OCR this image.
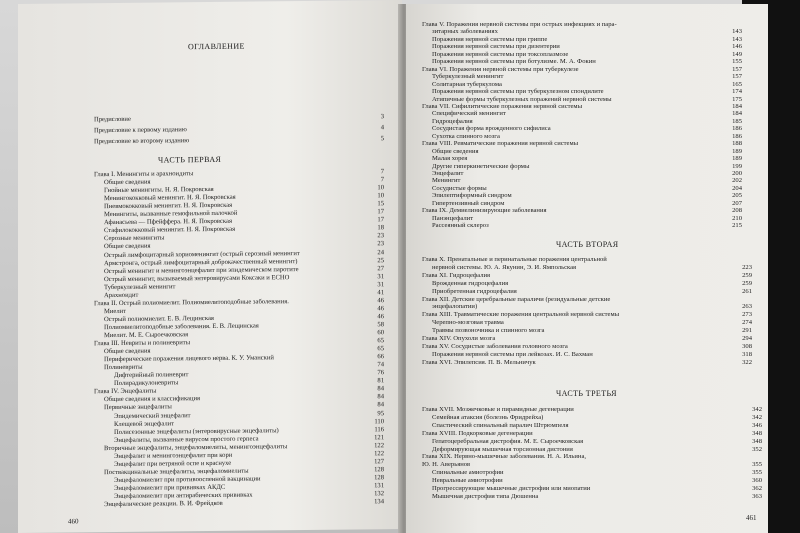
ОГЛАВЛЕНИЕ
Предисловие	3
Предисловие к первому изданию	4
Предисловие ко второму изданию	5
ЧАСТЬ ПЕРВАЯ
Глава I. Менингиты и арахноидиты	7
Общие сведения	7
Гнойные менингиты. Н. Я. Покровская	10
Менингококковый менингит. Н. Я. Покровская	10
Пневмококковый менингит. Н. Я. Покровская	15
Менингиты, вызванные гемофильной палочкой	17
Афанасьева — Пфейффера. Н. Я. Покровская	17
Стафилококковый менингит. Н. Я. Покровская	18
Серозные менингиты	23
Общие сведения	23
Острый лимфоцитарный хориоменингит (острый серозный менингит	24
Армстронга, острый лимфоцитарный доброкачественный менингит)	25
Острый менингит и менингоэнцефалит при эпидемическом паротите	27
Острый менингит, вызываемый энтеровирусами Коксаки и ЕСНО	31
Туберкулезный менингит	31
Арахноидит	41
Глава II. Острый полиомиелит. Полиомиелитоподобные заболевания.	46
Миелит	46
Острый полиомиелит. Е. В. Лещинская	46
Полиомиелитоподобные заболевания. Е. В. Лещинская	58
Миелит. М. Е. Сыроечковская	60
Глава III. Невриты и полиневриты	65
Общие сведения	65
Периферические поражения лицевого нерва. К. У. Уманский	66
Полиневриты	74
Дифтерийный полиневрит	76
Полирадикулоневриты	81
Глава IV. Энцефалиты	84
Общие сведения и классификация	84
Первичные энцефалиты	84
Эпидемический энцефалит	95
Клещевой энцефалит	110
Полисезонные энцефалиты (энтеровирусные энцефалиты)	116
Энцефалиты, вызванные вирусом простого герпеса	121
Вторичные энцефалиты, энцефаломиелиты, менингоэнцефалиты	122
Энцефалит и менингоэнцефалит при кори	122
Энцефалит при ветряной оспе и краснухе	127
Поствакцинальные энцефалиты, энцефаломиелиты	128
Энцефаломиелит при противооспенной вакцинации	128
Энцефаломиелит при прививках АКДС	131
Энцефаломиелит при антирабических прививках	132
Энцефалические реакции. В. И. Фрейдков	134
460
Глава V. Поражения нервной системы при острых инфекциях и пара-
зитарных заболеваниях	143
Поражения нервной системы при гриппе	143
Поражения нервной системы при дизентерии	146
Поражения нервной системы при токсоплазмозе	149
Поражения нервной системы при ботулизме. М. А. Фокин	155
Глава VI. Поражения нервной системы при туберкулезе	157
Туберкулезный менингит	157
Солитарная туберкулома	165
Поражения нервной системы при туберкулезном спондилите	174
Атипичные формы туберкулезных поражений нервной системы	175
Глава VII. Сифилитические поражения нервной системы	184
Специфический менингит	184
Гидроцефалия	185
Сосудистая форма врожденного сифилиса	186
Сухотка спинного мозга	186
Глава VIII. Ревматические поражения нервной системы	188
Общие сведения	189
Малая хорея	189
Другие гиперкинетические формы	199
Энцефалит	200
Менингит	202
Сосудистые формы	204
Эпилептиформный синдром	205
Гипертензивный синдром	207
Глава IX. Демиелинизирующие заболевания	208
Панэнцефалит	210
Рассеянный склероз	215
ЧАСТЬ ВТОРАЯ
Глава X. Пренатальные и перинатальные поражения центральной
нервной системы. Ю. А. Якунин, Э. И. Ямпольская	223
Глава XI. Гидроцефалия	259
Врожденная гидроцефалия	259
Приобретенная гидроцефалия	261
Глава XII. Детские церебральные параличи (резидуальные детские
энцефалопатии)	263
Глава XIII. Травматические поражения центральной нервной системы	273
Черепно-мозговая травма	274
Травмы позвоночника и спинного мозга	291
Глава XIV. Опухоли мозга	294
Глава XV. Сосудистые заболевания головного мозга	308
Поражения нервной системы при лейкозах. И. С. Вахман	318
Глава XVI. Эпилепсия. П. В. Мельничук	322
ЧАСТЬ ТРЕТЬЯ
Глава XVII. Мозжечковые и пирамидные дегенерации	342
Семейная атаксия (болезнь Фридрейха)	342
Спастический спинальный паралич Штрюмпеля	346
Глава XVIII. Подкорковые дегенерации	348
Гепатоцеребральная дистрофия. М. Е. Сыроечковская	348
Деформирующая мышечная торсионная дистония	352
Глава XIX. Нервно-мышечные заболевания. Н. А. Ильина,
Ю. Н. Аверьянов	355
Спинальные амиотрофии	355
Невральные амиотрофии	360
Прогрессирующие мышечные дистрофии или миопатии	362
Мышечная дистрофия типа Дюшенна	363
461
